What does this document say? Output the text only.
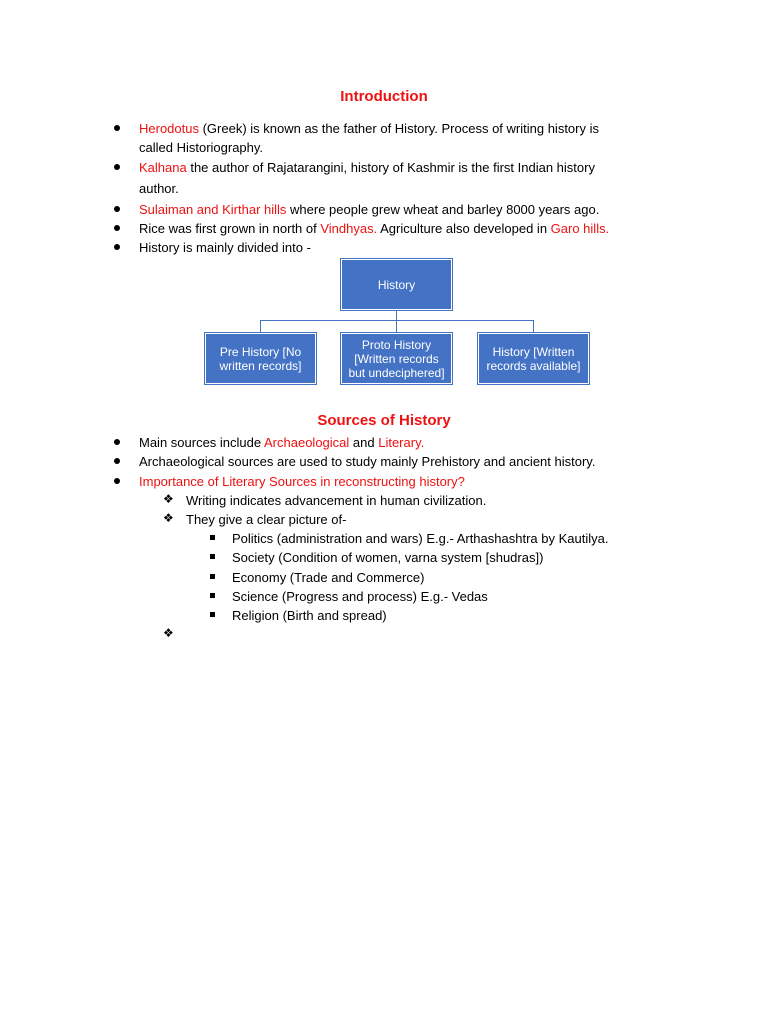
Introduction
Herodotus (Greek) is known as the father of History. Process of writing history is
called Historiography.
Kalhana the author of Rajatarangini, history of Kashmir is the first Indian history
author.
Sulaiman and Kirthar hills where people grew wheat and barley 8000 years ago.
Rice was first grown in north of Vindhyas. Agriculture also developed in Garo hills.
History is mainly divided into -
History
Pre History [No written records]
Proto History [Written records but undeciphered]
History [Written records available]
Sources of History
Main sources include Archaeological and Literary.
Archaeological sources are used to study mainly Prehistory and ancient history.
Importance of Literary Sources in reconstructing history?
❖ Writing indicates advancement in human civilization.
❖ They give a clear picture of-
Politics (administration and wars) E.g.- Arthashashtra by Kautilya.
Society (Condition of women, varna system [shudras])
Economy (Trade and Commerce)
Science (Progress and process) E.g.- Vedas
Religion (Birth and spread)
❖
